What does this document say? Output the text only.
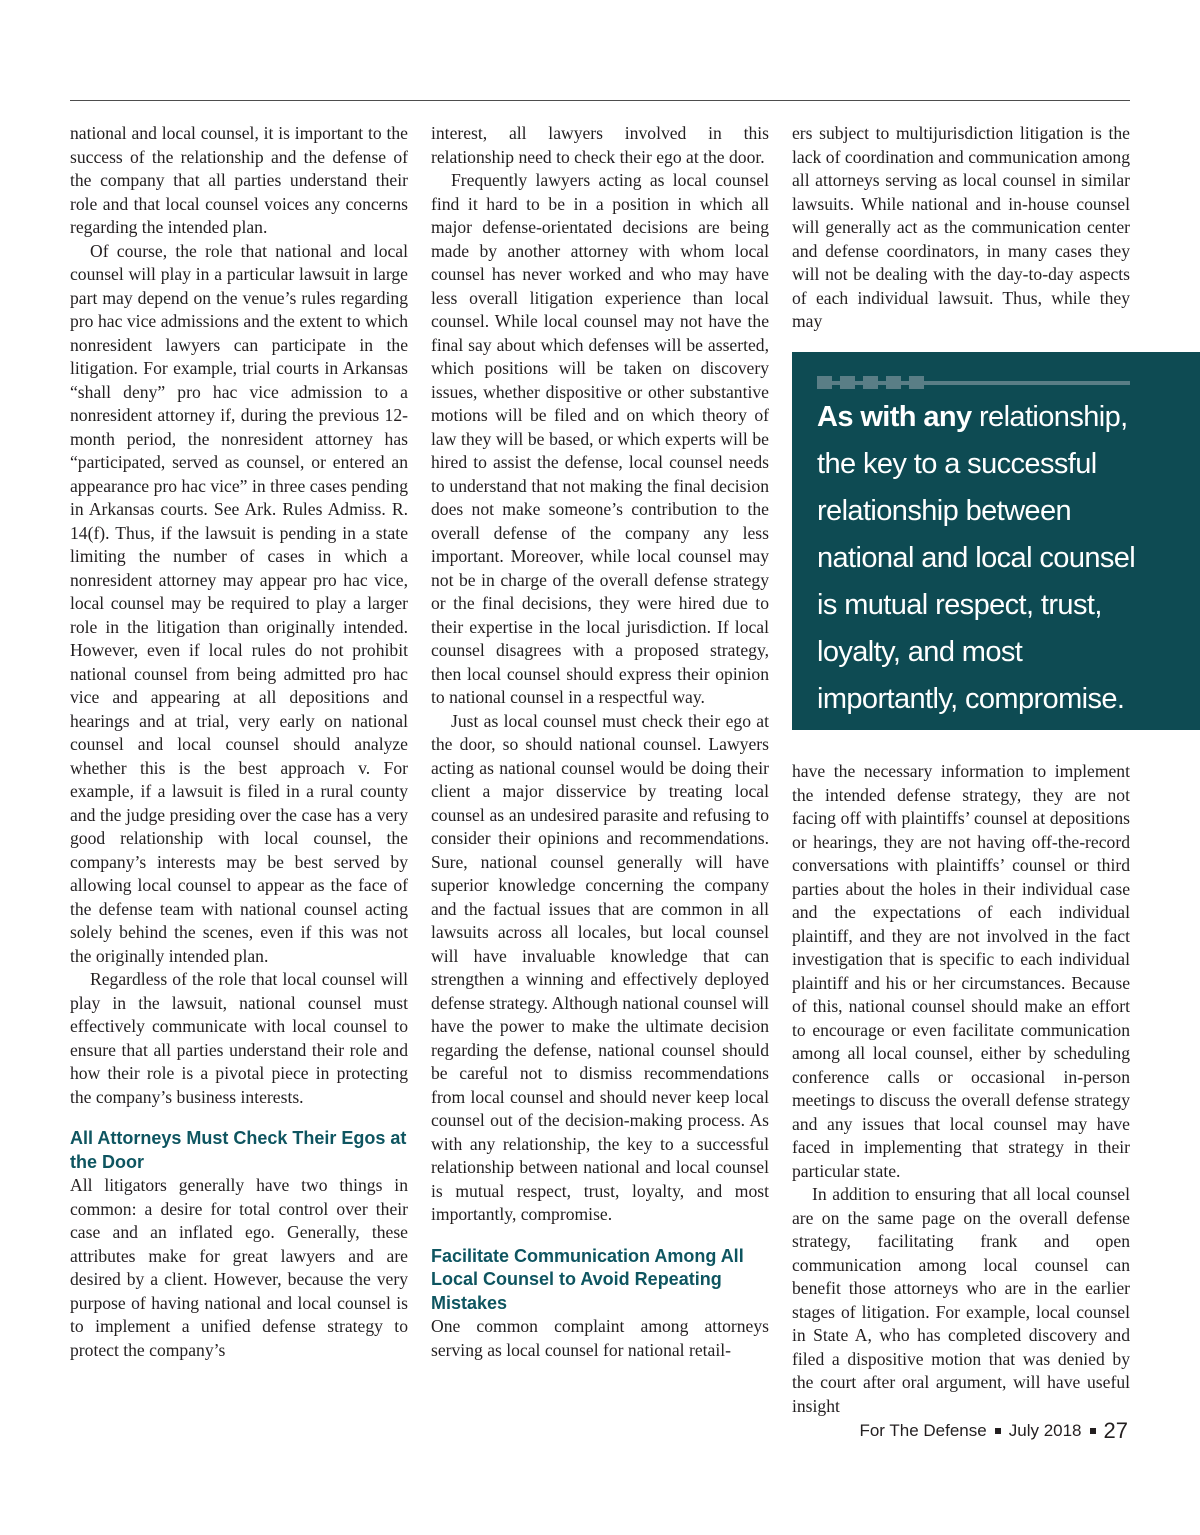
national and local counsel, it is important to the success of the relationship and the defense of the company that all parties understand their role and that local counsel voices any concerns regarding the intended plan.

Of course, the role that national and local counsel will play in a particular lawsuit in large part may depend on the venue’s rules regarding pro hac vice admissions and the extent to which nonresident lawyers can participate in the litigation. For example, trial courts in Arkansas “shall deny” pro hac vice admission to a nonresident attorney if, during the previous 12-month period, the nonresident attorney has “participated, served as counsel, or entered an appearance pro hac vice” in three cases pending in Arkansas courts. See Ark. Rules Admiss. R. 14(f). Thus, if the lawsuit is pending in a state limiting the number of cases in which a nonresident attorney may appear pro hac vice, local counsel may be required to play a larger role in the litigation than originally intended. However, even if local rules do not prohibit national counsel from being admitted pro hac vice and appearing at all depositions and hearings and at trial, very early on national counsel and local counsel should analyze whether this is the best approach v. For example, if a lawsuit is filed in a rural county and the judge presiding over the case has a very good relationship with local counsel, the company’s interests may be best served by allowing local counsel to appear as the face of the defense team with national counsel acting solely behind the scenes, even if this was not the originally intended plan.

Regardless of the role that local counsel will play in the lawsuit, national counsel must effectively communicate with local counsel to ensure that all parties understand their role and how their role is a pivotal piece in protecting the company’s business interests.

All Attorneys Must Check Their Egos at the Door

All litigators generally have two things in common: a desire for total control over their case and an inflated ego. Generally, these attributes make for great lawyers and are desired by a client. However, because the very purpose of having national and local counsel is to implement a unified defense strategy to protect the company’s

interest, all lawyers involved in this relationship need to check their ego at the door.

Frequently lawyers acting as local counsel find it hard to be in a position in which all major defense-orientated decisions are being made by another attorney with whom local counsel has never worked and who may have less overall litigation experience than local counsel. While local counsel may not have the final say about which defenses will be asserted, which positions will be taken on discovery issues, whether dispositive or other substantive motions will be filed and on which theory of law they will be based, or which experts will be hired to assist the defense, local counsel needs to understand that not making the final decision does not make someone’s contribution to the overall defense of the company any less important. Moreover, while local counsel may not be in charge of the overall defense strategy or the final decisions, they were hired due to their expertise in the local jurisdiction. If local counsel disagrees with a proposed strategy, then local counsel should express their opinion to national counsel in a respectful way.

Just as local counsel must check their ego at the door, so should national counsel. Lawyers acting as national counsel would be doing their client a major disservice by treating local counsel as an undesired parasite and refusing to consider their opinions and recommendations. Sure, national counsel generally will have superior knowledge concerning the company and the factual issues that are common in all lawsuits across all locales, but local counsel will have invaluable knowledge that can strengthen a winning and effectively deployed defense strategy. Although national counsel will have the power to make the ultimate decision regarding the defense, national counsel should be careful not to dismiss recommendations from local counsel and should never keep local counsel out of the decision-making process. As with any relationship, the key to a successful relationship between national and local counsel is mutual respect, trust, loyalty, and most importantly, compromise.

Facilitate Communication Among All Local Counsel to Avoid Repeating Mistakes

One common complaint among attorneys serving as local counsel for national retail-

ers subject to multijurisdiction litigation is the lack of coordination and communication among all attorneys serving as local counsel in similar lawsuits. While national and in-house counsel will generally act as the communication center and defense coordinators, in many cases they will not be dealing with the day-to-day aspects of each individual lawsuit. Thus, while they may

As with any relationship, the key to a successful relationship between national and local counsel is mutual respect, trust, loyalty, and most importantly, compromise.

have the necessary information to implement the intended defense strategy, they are not facing off with plaintiffs’ counsel at depositions or hearings, they are not having off-the-record conversations with plaintiffs’ counsel or third parties about the holes in their individual case and the expectations of each individual plaintiff, and they are not involved in the fact investigation that is specific to each individual plaintiff and his or her circumstances. Because of this, national counsel should make an effort to encourage or even facilitate communication among all local counsel, either by scheduling conference calls or occasional in-person meetings to discuss the overall defense strategy and any issues that local counsel may have faced in implementing that strategy in their particular state.

In addition to ensuring that all local counsel are on the same page on the overall defense strategy, facilitating frank and open communication among local counsel can benefit those attorneys who are in the earlier stages of litigation. For example, local counsel in State A, who has completed discovery and filed a dispositive motion that was denied by the court after oral argument, will have useful insight

For The Defense July 2018 27
